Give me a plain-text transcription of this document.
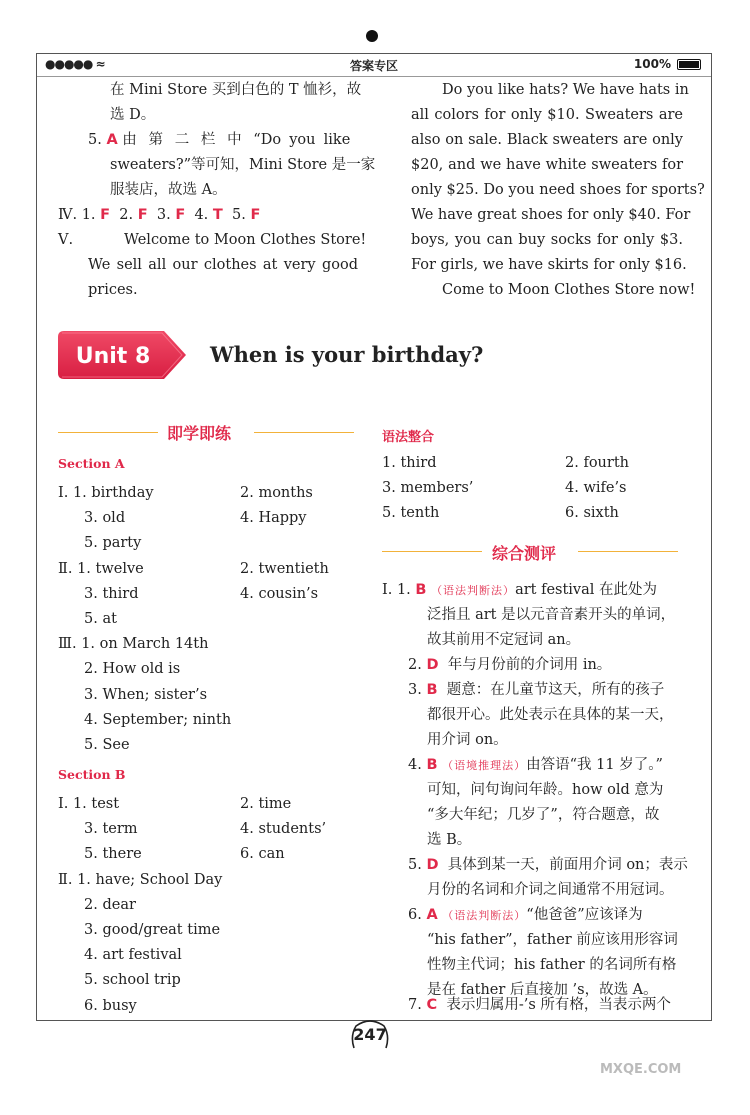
●●●●● ≈	答案专区	100%
在 Mini Store 买到白色的 T 恤衫，故
选 D。
5. A 由 第 二 栏 中 “Do you like
sweaters?”等可知，Mini Store 是一家
服装店，故选 A。
Ⅳ. 1. F 2. F 3. F 4. T 5. F
Ⅴ.	Welcome to Moon Clothes Store!
We sell all our clothes at very good
prices.
Do you like hats? We have hats in
all colors for only $10. Sweaters are
also on sale. Black sweaters are only
$20, and we have white sweaters for
only $25. Do you need shoes for sports?
We have great shoes for only $40. For
boys, you can buy socks for only $3.
For girls, we have skirts for only $16.
Come to Moon Clothes Store now!
Unit 8	When is your birthday?
即学即练
Section A
Ⅰ. 1. birthday	2. months
3. old	4. Happy
5. party
Ⅱ. 1. twelve	2. twentieth
3. third	4. cousin’s
5. at
Ⅲ. 1. on March 14th
2. How old is
3. When; sister’s
4. September; ninth
5. See
Section B
Ⅰ. 1. test	2. time
3. term	4. students’
5. there	6. can
Ⅱ. 1. have; School Day
2. dear
3. good/great time
4. art festival
5. school trip
6. busy
语法整合
1. third	2. fourth
3. members’	4. wife’s
5. tenth	6. sixth
综合测评
Ⅰ. 1. B （语法判断法）art festival 在此处为
泛指且 art 是以元音音素开头的单词，
故其前用不定冠词 an。
2. D 年与月份前的介词用 in。
3. B 题意：在儿童节这天，所有的孩子
都很开心。此处表示在具体的某一天，
用介词 on。
4. B （语境推理法）由答语“我 11 岁了。”
可知，问句询问年龄。how old 意为
“多大年纪；几岁了”，符合题意，故
选 B。
5. D 具体到某一天，前面用介词 on；表示
月份的名词和介词之间通常不用冠词。
6. A （语法判断法）“他爸爸”应该译为
“his father”，father 前应该用形容词
性物主代词；his father 的名词所有格
是在 father 后直接加 ’s，故选 A。
7. C 表示归属用-’s 所有格，当表示两个
247
MXQE.COM
